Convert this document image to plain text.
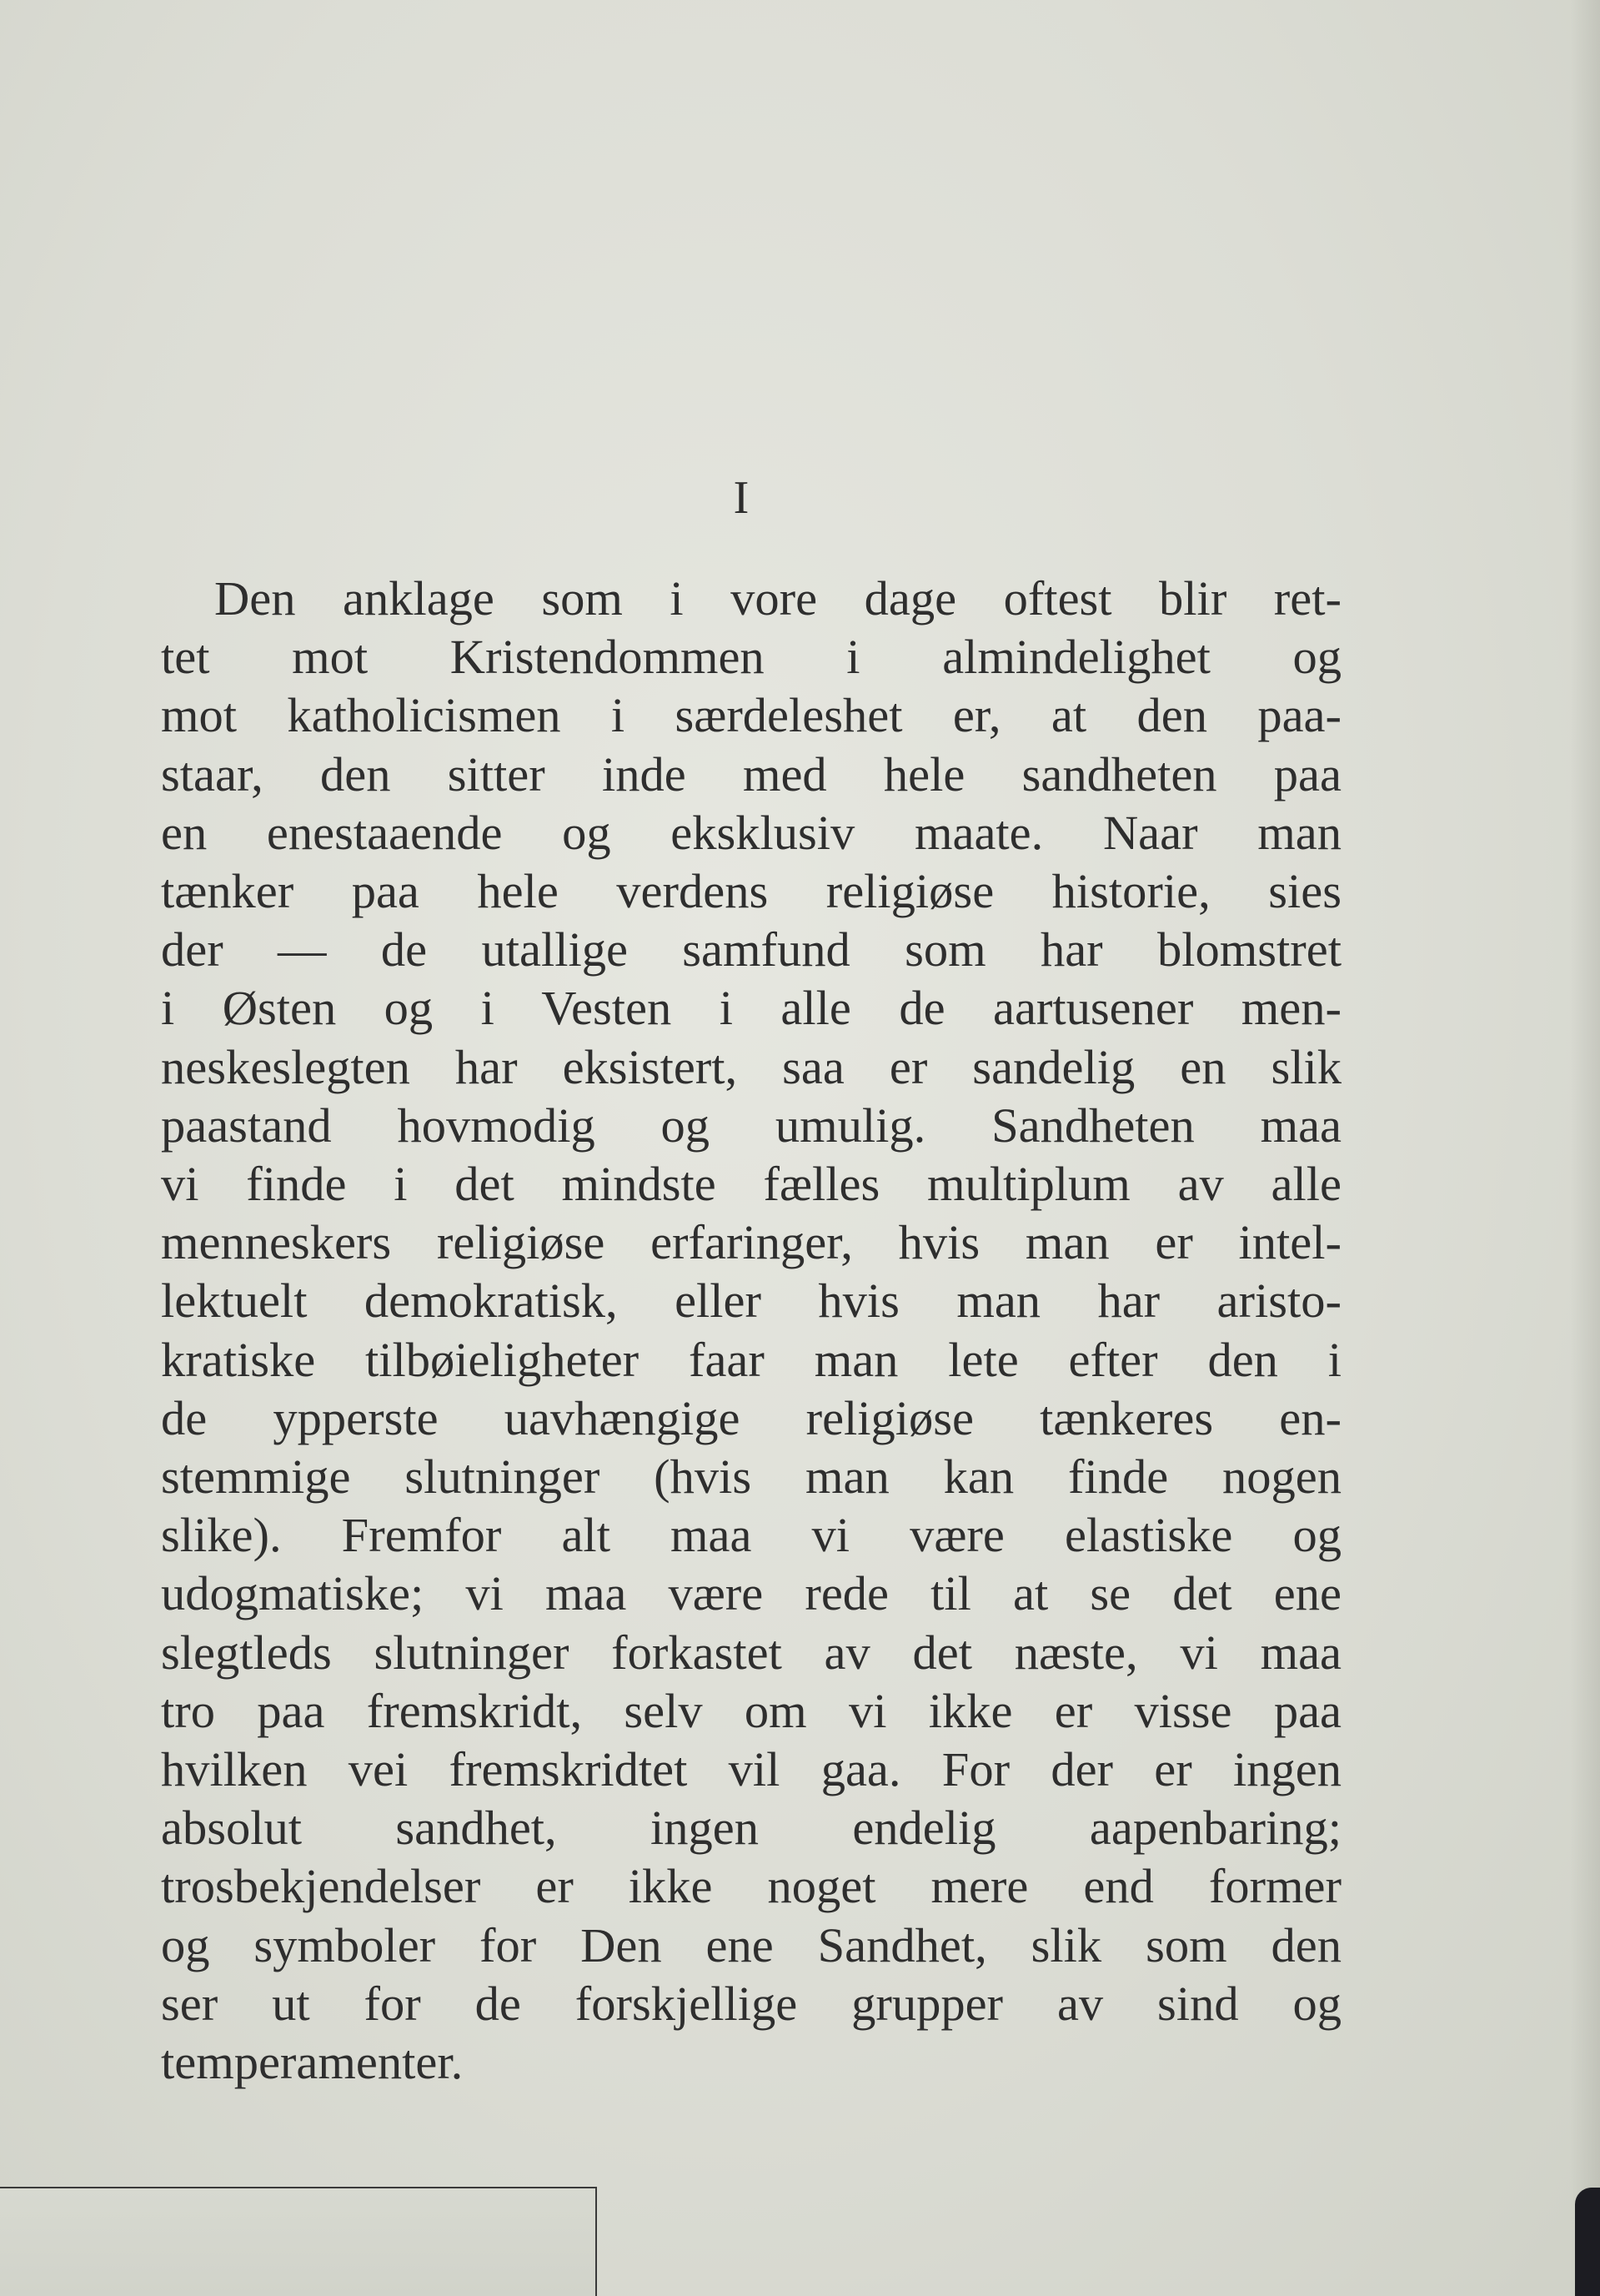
I
Den anklage som i vore dage oftest blir ret-
tet mot Kristendommen i almindelighet og
mot katholicismen i særdeleshet er, at den paa-
staar, den sitter inde med hele sandheten paa
en enestaaende og eksklusiv maate. Naar man
tænker paa hele verdens religiøse historie, sies
der — de utallige samfund som har blomstret
i Østen og i Vesten i alle de aartusener men-
neskeslegten har eksistert, saa er sandelig en slik
paastand hovmodig og umulig. Sandheten maa
vi finde i det mindste fælles multiplum av alle
menneskers religiøse erfaringer, hvis man er intel-
lektuelt demokratisk, eller hvis man har aristo-
kratiske tilbøieligheter faar man lete efter den i
de ypperste uavhængige religiøse tænkeres en-
stemmige slutninger (hvis man kan finde nogen
slike). Fremfor alt maa vi være elastiske og
udogmatiske; vi maa være rede til at se det ene
slegtleds slutninger forkastet av det næste, vi maa
tro paa fremskridt, selv om vi ikke er visse paa
hvilken vei fremskridtet vil gaa. For der er ingen
absolut sandhet, ingen endelig aapenbaring;
trosbekjendelser er ikke noget mere end former
og symboler for Den ene Sandhet, slik som den
ser ut for de forskjellige grupper av sind og
temperamenter.
